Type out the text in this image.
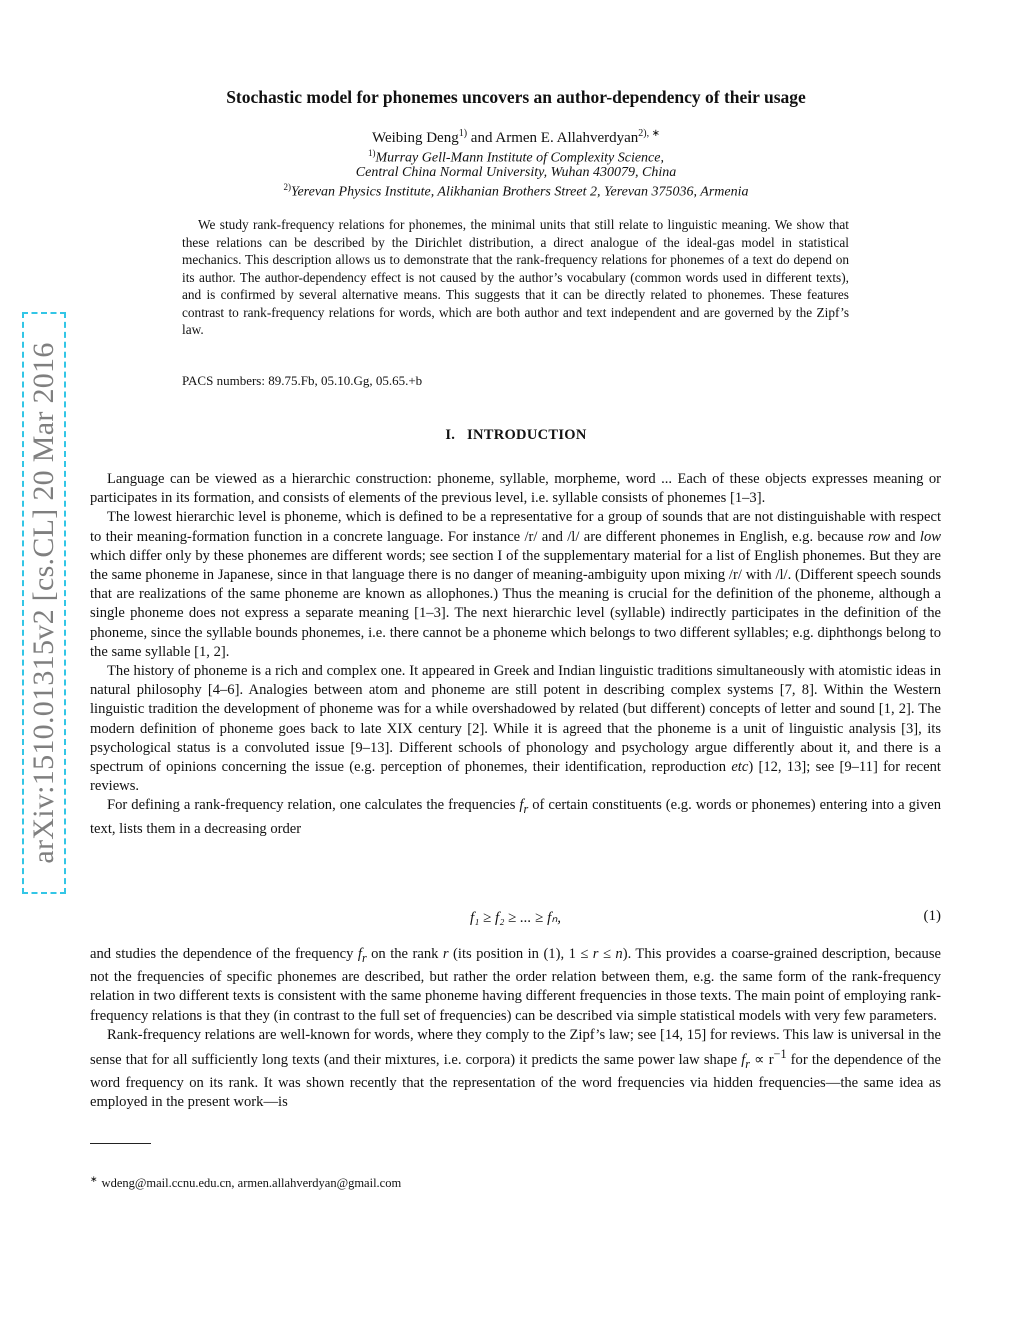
arXiv:1510.01315v2 [cs.CL] 20 Mar 2016
Stochastic model for phonemes uncovers an author-dependency of their usage
Weibing Deng$^{1)}$ and Armen E. Allahverdyan$^{2), ∗}$
$^{1)}$Murray Gell-Mann Institute of Complexity Science,
Central China Normal University, Wuhan 430079, China
$^{2)}$Yerevan Physics Institute, Alikhanian Brothers Street 2, Yerevan 375036, Armenia

We study rank-frequency relations for phonemes, the minimal units that still relate to linguistic meaning. We show that these relations can be described by the Dirichlet distribution, a direct analogue of the ideal-gas model in statistical mechanics. This description allows us to demonstrate that the rank-frequency relations for phonemes of a text do depend on its author. The author-dependency effect is not caused by the author’s vocabulary (common words used in different texts), and is confirmed by several alternative means. This suggests that it can be directly related to phonemes. These features contrast to rank-frequency relations for words, which are both author and text independent and are governed by the Zipf’s law.

PACS numbers: 89.75.Fb, 05.10.Gg, 05.65.+b
I. INTRODUCTION

Language can be viewed as a hierarchic construction: phoneme, syllable, morpheme, word ... Each of these objects expresses meaning or participates in its formation, and consists of elements of the previous level, i.e. syllable consists of phonemes [1–3].

The lowest hierarchic level is phoneme, which is defined to be a representative for a group of sounds that are not distinguishable with respect to their meaning-formation function in a concrete language. For instance /r/ and /l/ are different phonemes in English, e.g. because row and low which differ only by these phonemes are different words; see section I of the supplementary material for a list of English phonemes. But they are the same phoneme in Japanese, since in that language there is no danger of meaning-ambiguity upon mixing /r/ with /l/. (Different speech sounds that are realizations of the same phoneme are known as allophones.) Thus the meaning is crucial for the definition of the phoneme, although a single phoneme does not express a separate meaning [1–3]. The next hierarchic level (syllable) indirectly participates in the definition of the phoneme, since the syllable bounds phonemes, i.e. there cannot be a phoneme which belongs to two different syllables; e.g. diphthongs belong to the same syllable [1, 2].

The history of phoneme is a rich and complex one. It appeared in Greek and Indian linguistic traditions simultaneously with atomistic ideas in natural philosophy [4–6]. Analogies between atom and phoneme are still potent in describing complex systems [7, 8]. Within the Western linguistic tradition the development of phoneme was for a while overshadowed by related (but different) concepts of letter and sound [1, 2]. The modern definition of phoneme goes back to late XIX century [2]. While it is agreed that the phoneme is a unit of linguistic analysis [3], its psychological status is a convoluted issue [9–13]. Different schools of phonology and psychology argue differently about it, and there is a spectrum of opinions concerning the issue (e.g. perception of phonemes, their identification, reproduction etc) [12, 13]; see [9–11] for recent reviews.

For defining a rank-frequency relation, one calculates the frequencies $f_r$ of certain constituents (e.g. words or phonemes) entering into a given text, lists them in a decreasing order

f₁ ≥ f₂ ≥ ... ≥ fₙ,	(1)

and studies the dependence of the frequency $f_r$ on the rank r (its position in (1), 1 ≤ r ≤ n). This provides a coarse-grained description, because not the frequencies of specific phonemes are described, but rather the order relation between them, e.g. the same form of the rank-frequency relation in two different texts is consistent with the same phoneme having different frequencies in those texts. The main point of employing rank-frequency relations is that they (in contrast to the full set of frequencies) can be described via simple statistical models with very few parameters.

Rank-frequency relations are well-known for words, where they comply to the Zipf’s law; see [14, 15] for reviews. This law is universal in the sense that for all sufficiently long texts (and their mixtures, i.e. corpora) it predicts the same power law shape $f_r \propto r^{-1}$ for the dependence of the word frequency on its rank. It was shown recently that the representation of the word frequencies via hidden frequencies—the same idea as employed in the present work—is

∗ wdeng@mail.ccnu.edu.cn, armen.allahverdyan@gmail.com
